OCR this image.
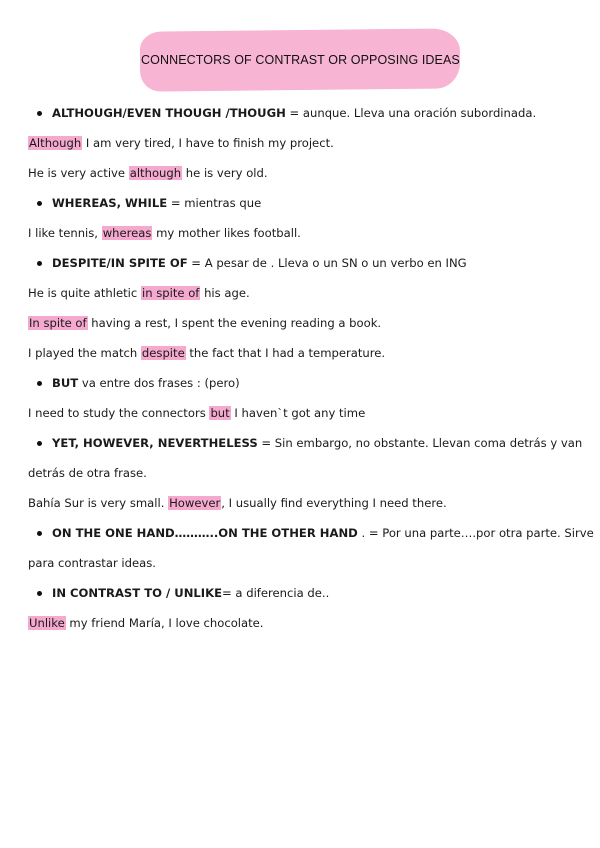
CONNECTORS OF CONTRAST OR OPPOSING IDEAS
ALTHOUGH/EVEN THOUGH /THOUGH = aunque. Lleva una oración subordinada.
Although I am very tired, I have to finish my project.
He is very active although he is very old.
WHEREAS, WHILE = mientras que
I like tennis, whereas my mother likes football.
DESPITE/IN SPITE OF = A pesar de . Lleva o un SN o un verbo en ING
He is quite athletic in spite of his age.
In spite of having a rest, I spent the evening reading a book.
I played the match despite the fact that I had a temperature.
BUT va entre dos frases : (pero)
I need to study the connectors but I haven`t got any time
YET, HOWEVER, NEVERTHELESS = Sin embargo, no obstante. Llevan coma detrás y van
detrás de otra frase.
Bahía Sur is very small. However, I usually find everything I need there.
ON THE ONE HAND………..ON THE OTHER HAND . = Por una parte….por otra parte. Sirve
para contrastar ideas.
IN CONTRAST TO / UNLIKE= a diferencia de..
Unlike my friend María, I love chocolate.
